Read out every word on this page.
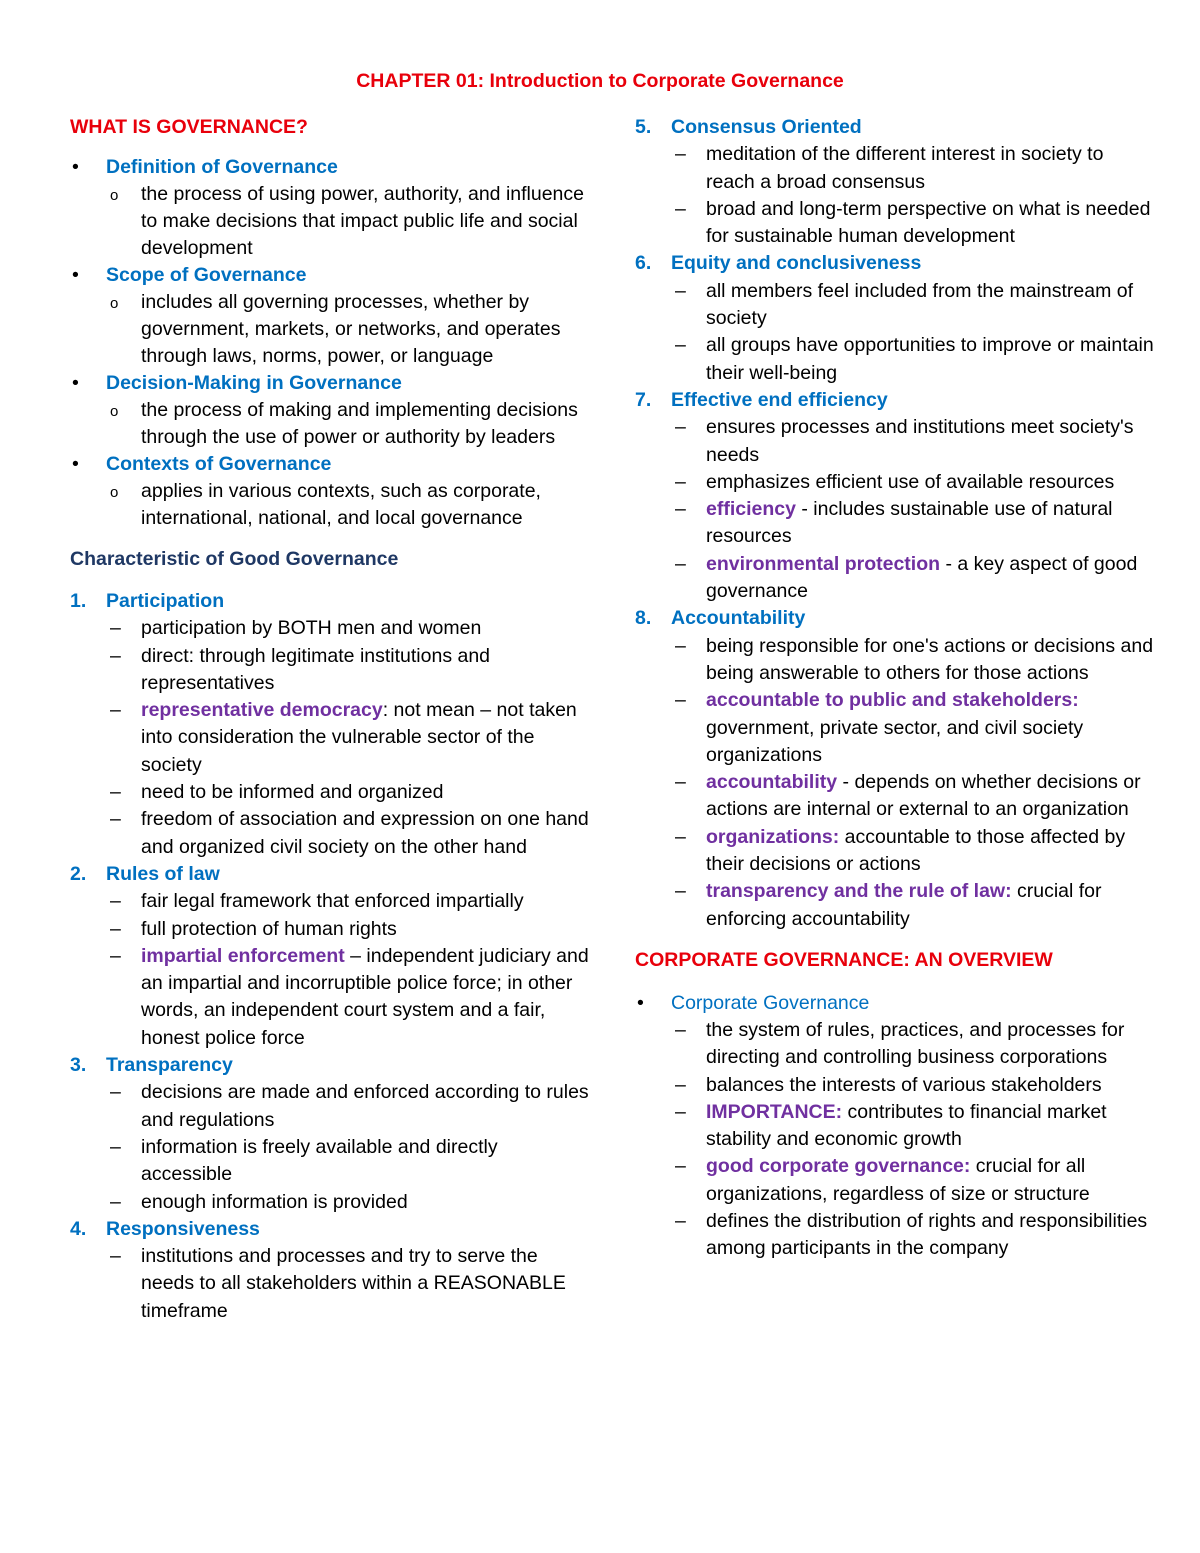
CHAPTER 01: Introduction to Corporate Governance
WHAT IS GOVERNANCE?
• Definition of Governance
o the process of using power, authority, and influence to make decisions that impact public life and social development
• Scope of Governance
o includes all governing processes, whether by government, markets, or networks, and operates through laws, norms, power, or language
• Decision-Making in Governance
o the process of making and implementing decisions through the use of power or authority by leaders
• Contexts of Governance
o applies in various contexts, such as corporate, international, national, and local governance
Characteristic of Good Governance
1. Participation
– participation by BOTH men and women
– direct: through legitimate institutions and representatives
– representative democracy: not mean – not taken into consideration the vulnerable sector of the society
– need to be informed and organized
– freedom of association and expression on one hand and organized civil society on the other hand
2. Rules of law
– fair legal framework that enforced impartially
– full protection of human rights
– impartial enforcement – independent judiciary and an impartial and incorruptible police force; in other words, an independent court system and a fair, honest police force
3. Transparency
– decisions are made and enforced according to rules and regulations
– information is freely available and directly accessible
– enough information is provided
4. Responsiveness
– institutions and processes and try to serve the needs to all stakeholders within a REASONABLE timeframe
5. Consensus Oriented
– meditation of the different interest in society to reach a broad consensus
– broad and long-term perspective on what is needed for sustainable human development
6. Equity and conclusiveness
– all members feel included from the mainstream of society
– all groups have opportunities to improve or maintain their well-being
7. Effective end efficiency
– ensures processes and institutions meet society's needs
– emphasizes efficient use of available resources
– efficiency - includes sustainable use of natural resources
– environmental protection - a key aspect of good governance
8. Accountability
– being responsible for one's actions or decisions and being answerable to others for those actions
– accountable to public and stakeholders: government, private sector, and civil society organizations
– accountability - depends on whether decisions or actions are internal or external to an organization
– organizations: accountable to those affected by their decisions or actions
– transparency and the rule of law: crucial for enforcing accountability
CORPORATE GOVERNANCE: AN OVERVIEW
• Corporate Governance
– the system of rules, practices, and processes for directing and controlling business corporations
– balances the interests of various stakeholders
– IMPORTANCE: contributes to financial market stability and economic growth
– good corporate governance: crucial for all organizations, regardless of size or structure
– defines the distribution of rights and responsibilities among participants in the company
